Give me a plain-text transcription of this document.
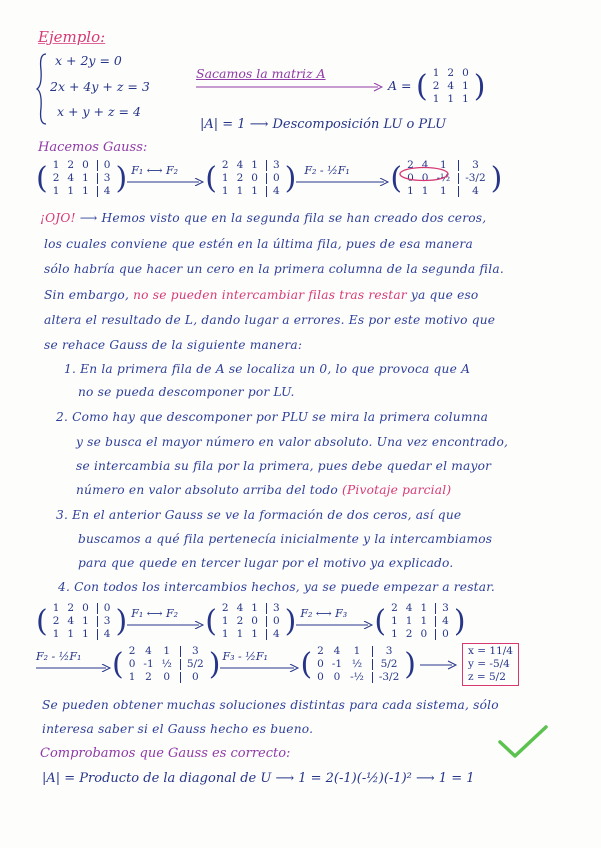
Ejemplo:
x + 2y = 0
2x + 4y + z = 3
x + y + z = 4
Sacamos la matriz A
A = ( 1	2	0
2	4	1
1	1	1 )
|A| = 1 ⟶ Descomposición LU o PLU
Hacemos Gauss:
( 1	2	0	0
2	4	1	3
1	1	1	4 ) F₁ ⟷ F₂ ( 2	4	1	3
1	2	0	0
1	1	1	4 ) F₂ - ½F₁ ( 2	4	1	3
0	0	-½	-3/2
1	1	1	4 )
¡OJO! ⟶ Hemos visto que en la segunda fila se han creado dos ceros,
los cuales conviene que estén en la última fila, pues de esa manera
sólo habría que hacer un cero en la primera columna de la segunda fila.
Sin embargo, no se pueden intercambiar filas tras restar ya que eso
altera el resultado de L, dando lugar a errores. Es por este motivo que
se rehace Gauss de la siguiente manera:
1. En la primera fila de A se localiza un 0, lo que provoca que A
no se pueda descomponer por LU.
2. Como hay que descomponer por PLU se mira la primera columna
y se busca el mayor número en valor absoluto. Una vez encontrado,
se intercambia su fila por la primera, pues debe quedar el mayor
número en valor absoluto arriba del todo (Pivotaje parcial)
3. En el anterior Gauss se ve la formación de dos ceros, así que
buscamos a qué fila pertenecía inicialmente y la intercambiamos
para que quede en tercer lugar por el motivo ya explicado.
4. Con todos los intercambios hechos, ya se puede empezar a restar.
( 1	2	0	0
2	4	1	3
1	1	1	4 ) F₁ ⟷ F₂ ( 2	4	1	3
1	2	0	0
1	1	1	4 ) F₂ ⟷ F₃ ( 2	4	1	3
1	1	1	4
1	2	0	0 )
F₂ - ½F₁ ( 2	4	1	3
0	-1	½	5/2
1	2	0	0 ) F₃ - ½F₁ ( 2	4	1	3
0	-1	½	5/2
0	0	-½	-3/2 )	x = 11/4
y = -5/4
z = 5/2
Se pueden obtener muchas soluciones distintas para cada sistema, sólo
interesa saber si el Gauss hecho es bueno.
Comprobamos que Gauss es correcto:
|A| = Producto de la diagonal de U ⟶ 1 = 2(-1)(-½)(-1)² ⟶ 1 = 1
